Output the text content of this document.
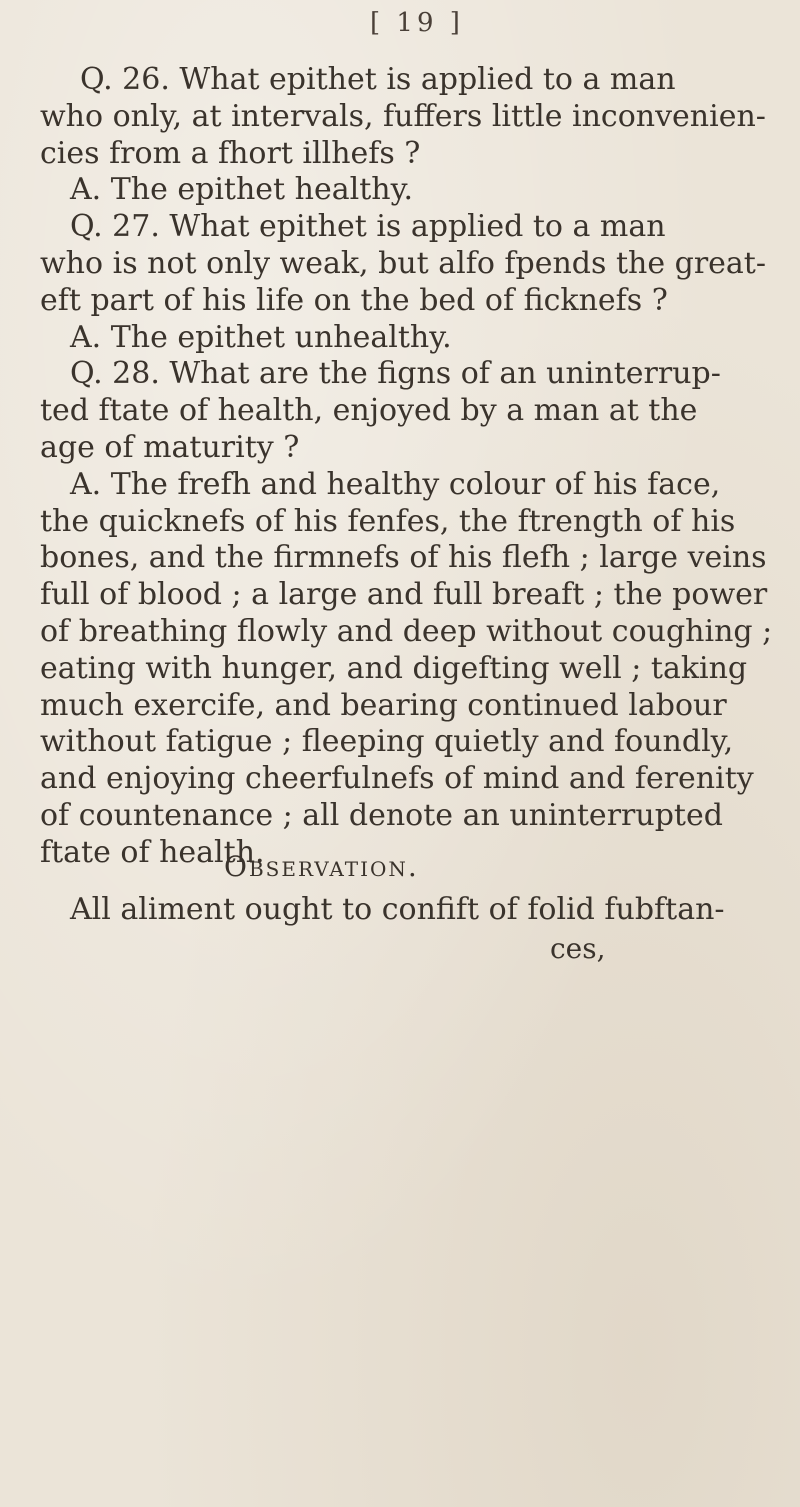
[ 19 ]
Q. 26. What epithet is applied to a man
who only, at intervals, fuffers little inconvenien-
cies from a fhort illhefs ?
A. The epithet healthy.
Q. 27. What epithet is applied to a man
who is not only weak, but alfo fpends the great-
eft part of his life on the bed of ficknefs ?
A. The epithet unhealthy.
Q. 28. What are the figns of an uninterrup-
ted ftate of health, enjoyed by a man at the
age of maturity ?
A. The frefh and healthy colour of his face,
the quicknefs of his fenfes, the ftrength of his
bones, and the firmnefs of his flefh ; large veins
full of blood ; a large and full breaft ; the power
of breathing flowly and deep without coughing ;
eating with hunger, and digefting well ; taking
much exercife, and bearing continued labour
without fatigue ; fleeping quietly and foundly,
and enjoying cheerfulnefs of mind and ferenity
of countenance ; all denote an uninterrupted
ftate of health.
Observation.
All aliment ought to confift of folid fubftan-
ces,
